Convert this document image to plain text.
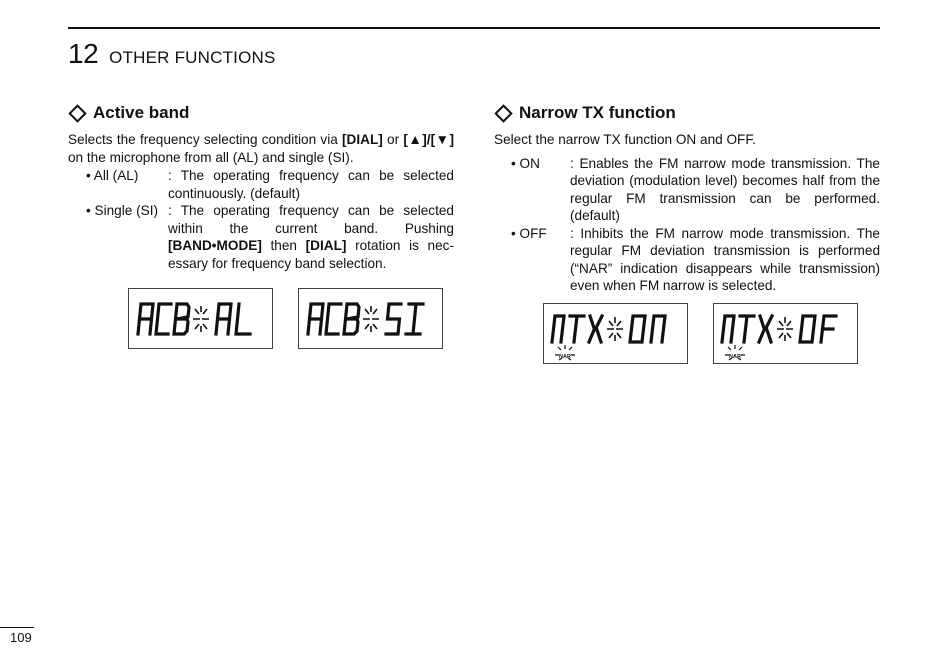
12 OTHER FUNCTIONS
Active band
Selects the frequency selecting condition via [DIAL] or [▲]/[▼] on the microphone from all (AL) and single (SI).
• All (AL)	: The operating frequency can be selected continuously. (default)
• Single (SI) : The operating frequency can be selected within the current band. Pushing [BAND•MODE] then [DIAL] rotation is nec- essary for frequency band selection.
Narrow TX function
Select the narrow TX function ON and OFF.
• ON	: Enables the FM narrow mode transmission. The deviation (modulation level) becomes half from the regular FM transmission can be performed. (default)
• OFF	: Inhibits the FM narrow mode transmission. The regular FM deviation transmission is performed (“NAR” indication disappears while transmission) even when FM narrow is selected.
NAR	NAR
109
